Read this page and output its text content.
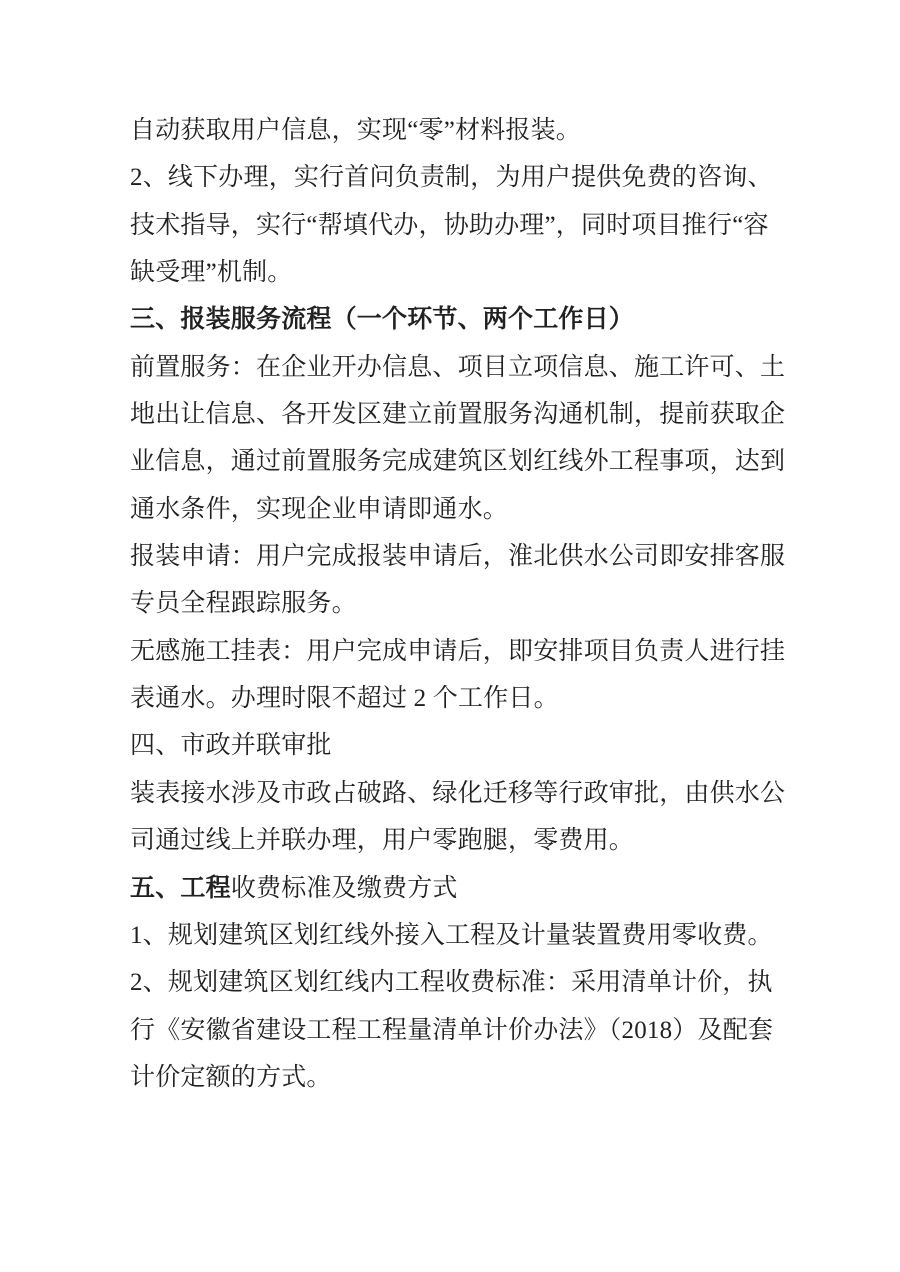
自动获取用户信息，实现“零”材料报装。
2、线下办理，实行首问负责制，为用户提供免费的咨询、
技术指导，实行“帮填代办，协助办理”，同时项目推行“容
缺受理”机制。
三、报装服务流程（一个环节、两个工作日）
前置服务：在企业开办信息、项目立项信息、施工许可、土
地出让信息、各开发区建立前置服务沟通机制，提前获取企
业信息，通过前置服务完成建筑区划红线外工程事项，达到
通水条件，实现企业申请即通水。
报装申请：用户完成报装申请后，淮北供水公司即安排客服
专员全程跟踪服务。
无感施工挂表：用户完成申请后，即安排项目负责人进行挂
表通水。办理时限不超过 2 个工作日。
四、市政并联审批
装表接水涉及市政占破路、绿化迁移等行政审批，由供水公
司通过线上并联办理，用户零跑腿，零费用。
五、工程收费标准及缴费方式
1、规划建筑区划红线外接入工程及计量装置费用零收费。
2、规划建筑区划红线内工程收费标准：采用清单计价，执
行《安徽省建设工程工程量清单计价办法》（2018）及配套
计价定额的方式。
